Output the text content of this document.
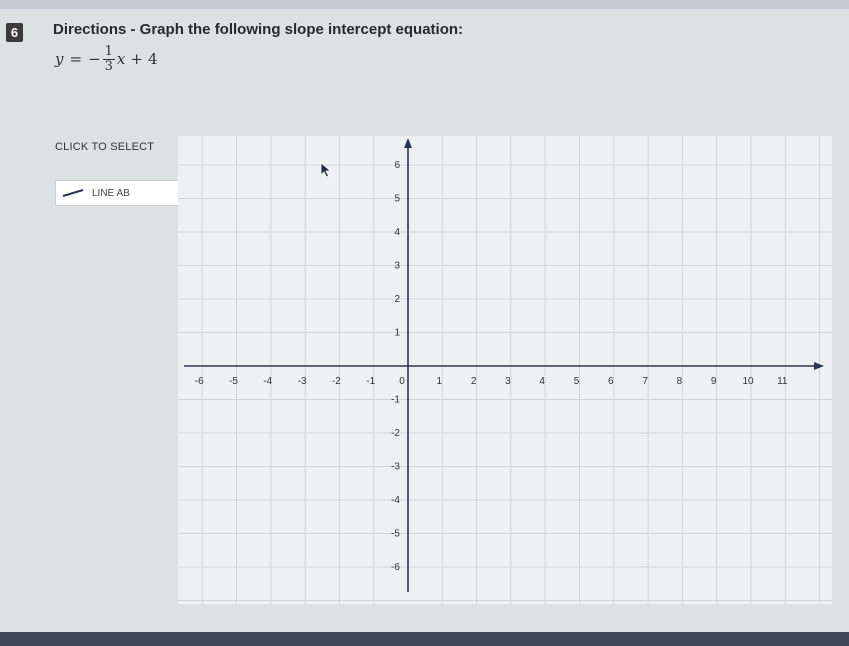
6	Directions - Graph the following slope intercept equation:
y = − $\frac{1}{3}$ x + 4
CLICK TO SELECT
LINE AB
-6	-5	-4	-3	-2	-1 0	1	2	3	4	5	6	7	8	9	10 11
1
2
3
4
5
6
-1
-2
-3
-4
-5
-6
